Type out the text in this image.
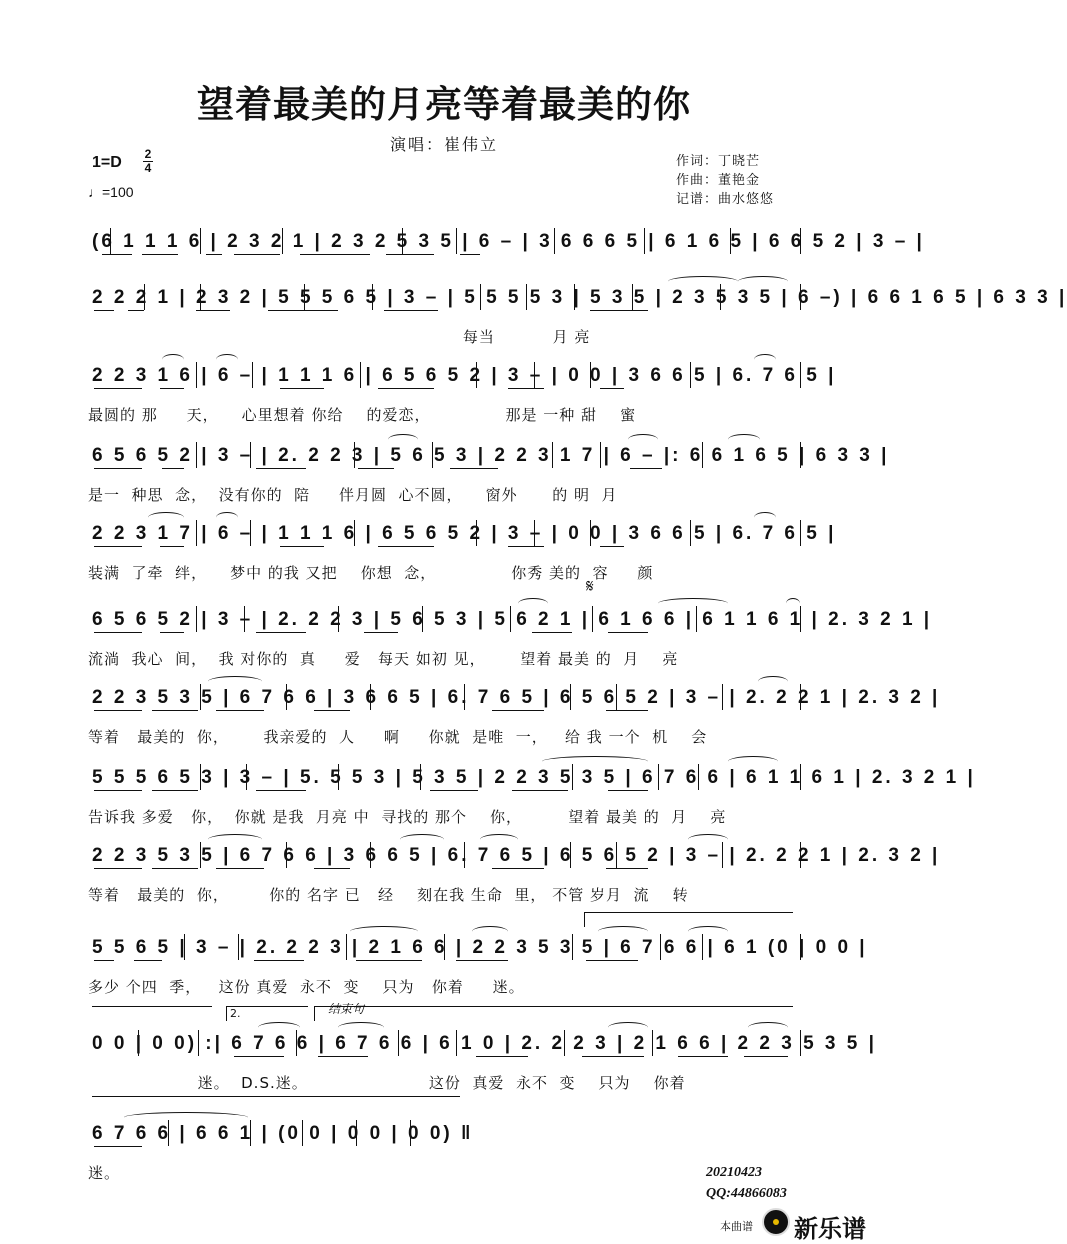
望着最美的月亮等着最美的你
演唱：崔伟立
1=D 2
4
♩=100
作词：丁晓芒
作曲：董艳金
记谱：曲水悠悠
𝄋
2.	结束句
(6 1 1 1 6 | 2 3 2 1 | 2 3 2 5 3 5 | 6 – | 3 6 6 6 5 | 6 1 6 5 | 6 6 5 2 | 3 – |
2 2 2 1 | 2 3 2 | 5 5 5 6 5 | 3 – | 5 5 5 5 3 | 5 3 5 | 2 3 5 3 5 | 6 –) | 6 6 1 6 5 | 6 3 3 |
每当          月 亮
2 2 3 1 6 | 6 – | 1 1 1 6 | 6 5 6 5 2 | 3 – | 0 0 | 3 6 6 5 | 6. 7 6 5 |
最圆的 那     天，    心里想着 你给    的爱恋，             那是 一种 甜    蜜
6 5 6 5 2 | 3 – | 2. 2 2 3 | 5 6 5 3 | 2 2 3 1 7 | 6 – |: 6 6 1 6 5 | 6 3 3 |
是一  种思  念，  没有你的  陪     伴月圆  心不圆，    窗外      的 明  月
2 2 3 1 7 | 6 – | 1 1 1 6 | 6 5 6 5 2 | 3 – | 0 0 | 3 6 6 5 | 6. 7 6 5 |
装满  了牵  绊，    梦中 的我 又把    你想  念，             你秀 美的  容     颜
6 5 6 5 2 | 3 – | 2. 2 2 3 | 5 6 5 3 | 5 6 2 1 | 6 1 6 6 | 6 1 1 6 1 | 2. 3 2 1 |
流淌  我心  间，  我 对你的  真     爱   每天 如初 见，      望着 最美 的  月    亮
2 2 3 5 3 5 | 6 7 6 6 | 3 6 6 5 | 6. 7 6 5 | 6 5 6 5 2 | 3 – | 2. 2 2 1 | 2. 3 2 |
等着   最美的  你，      我亲爱的  人     啊     你就  是唯  一，   给 我 一个  机    会
5 5 5 6 5 3 | 3 – | 5. 5 5 3 | 5 3 5 | 2 2 3 5 3 5 | 6 7 6 6 | 6 1 1 6 1 | 2. 3 2 1 |
告诉我 多爱   你，  你就 是我  月亮 中  寻找的 那个    你，        望着 最美 的  月    亮
2 2 3 5 3 5 | 6 7 6 6 | 3 6 6 5 | 6. 7 6 5 | 6 5 6 5 2 | 3 – | 2. 2 2 1 | 2. 3 2 |
等着   最美的  你，       你的 名字 已   经    刻在我 生命  里， 不管 岁月  流    转
5 5 6 5 | 3 – | 2. 2 2 3 | 2 1 6 6 | 2 2 3 5 3 5 | 6 7 6 6 | 6 1 (0 | 0 0 |
多少 个四  季，   这份 真爱  永不  变    只为   你着     迷。
0 0 | 0 0) :| 6 7 6 6 | 6 7 6 6 | 6 1 0 | 2. 2 2 3 | 2 1 6 6 | 2 2 3 5 3 5 |
迷。  D.S.迷。                     这份  真爱  永不  变    只为    你着
6 7 6 6 | 6 6 1 | (0 0 | 0 0 | 0 0) ‖
迷。	20210423
QQ:44866083
本曲谱 新乐谱
